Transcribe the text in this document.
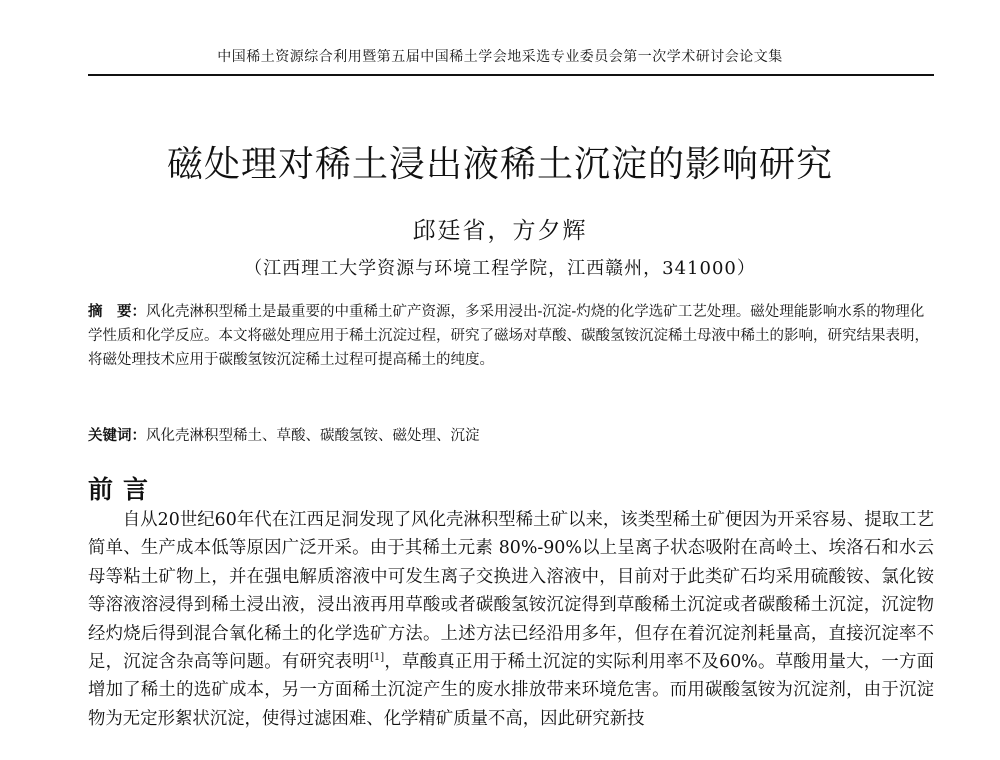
中国稀土资源综合利用暨第五届中国稀土学会地采选专业委员会第一次学术研讨会论文集
磁处理对稀土浸出液稀土沉淀的影响研究
邱廷省，方夕辉
（江西理工大学资源与环境工程学院，江西赣州，341000）
摘　要：风化壳淋积型稀土是最重要的中重稀土矿产资源，多采用浸出-沉淀-灼烧的化学选矿工艺处理。磁处理能影响水系的物理化学性质和化学反应。本文将磁处理应用于稀土沉淀过程，研究了磁场对草酸、碳酸氢铵沉淀稀土母液中稀土的影响，研究结果表明，将磁处理技术应用于碳酸氢铵沉淀稀土过程可提高稀土的纯度。
关键词：风化壳淋积型稀土、草酸、碳酸氢铵、磁处理、沉淀
前言

自从20世纪60年代在江西足洞发现了风化壳淋积型稀土矿以来，该类型稀土矿便因为开采容易、提取工艺简单、生产成本低等原因广泛开采。由于其稀土元素 80%-90%以上呈离子状态吸附在高岭土、埃洛石和水云母等粘土矿物上，并在强电解质溶液中可发生离子交换进入溶液中，目前对于此类矿石均采用硫酸铵、氯化铵等溶液溶浸得到稀土浸出液，浸出液再用草酸或者碳酸氢铵沉淀得到草酸稀土沉淀或者碳酸稀土沉淀，沉淀物经灼烧后得到混合氧化稀土的化学选矿方法。上述方法已经沿用多年，但存在着沉淀剂耗量高，直接沉淀率不足，沉淀含杂高等问题。有研究表明[1]，草酸真正用于稀土沉淀的实际利用率不及60%。草酸用量大，一方面增加了稀土的选矿成本，另一方面稀土沉淀产生的废水排放带来环境危害。而用碳酸氢铵为沉淀剂，由于沉淀物为无定形絮状沉淀，使得过滤困难、化学精矿质量不高，因此研究新技
